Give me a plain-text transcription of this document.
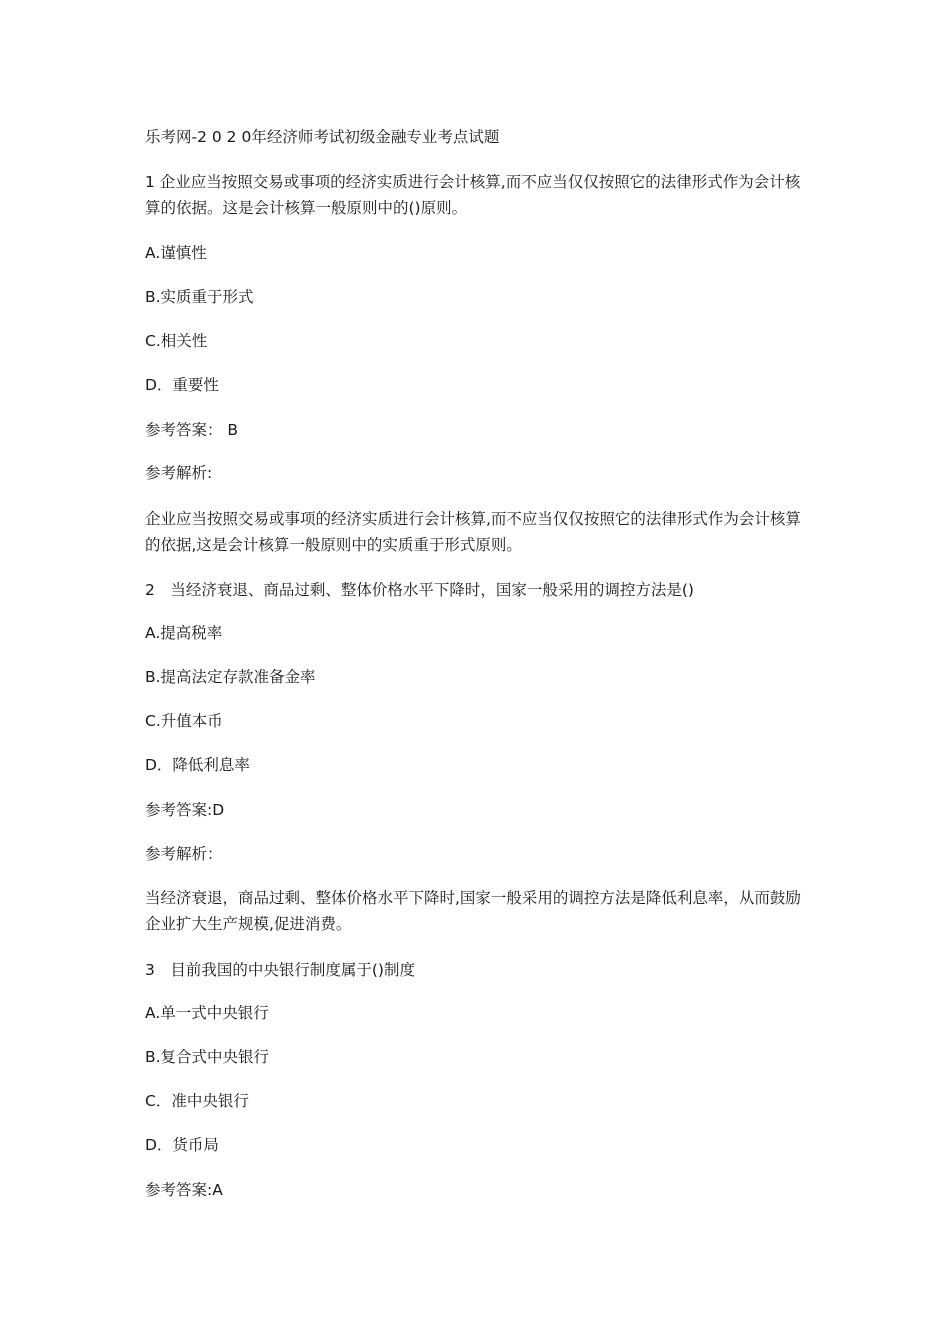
乐考网-2 0 2 0年经济师考试初级金融专业考点试题
1 企业应当按照交易或事项的经济实质进行会计核算,而不应当仅仅按照它的法律形式作为会计核算的依据。这是会计核算一般原则中的()原则。
A.谨慎性
B.实质重于形式
C.相关性
D．重要性
参考答案： B
参考解析:
企业应当按照交易或事项的经济实质进行会计核算,而不应当仅仅按照它的法律形式作为会计核算的依据,这是会计核算一般原则中的实质重于形式原则。
2　当经济衰退、商品过剩、整体价格水平下降时，国家一般采用的调控方法是()
A.提高税率
B.提高法定存款准备金率
C.升值本币
D．降低利息率
参考答案:D
参考解析：
当经济衰退，商品过剩、整体价格水平下降时,国家一般采用的调控方法是降低利息率，从而鼓励企业扩大生产规模,促进消费。
3　目前我国的中央银行制度属于()制度
A.单一式中央银行
B.复合式中央银行
C．准中央银行
D．货币局
参考答案:A
